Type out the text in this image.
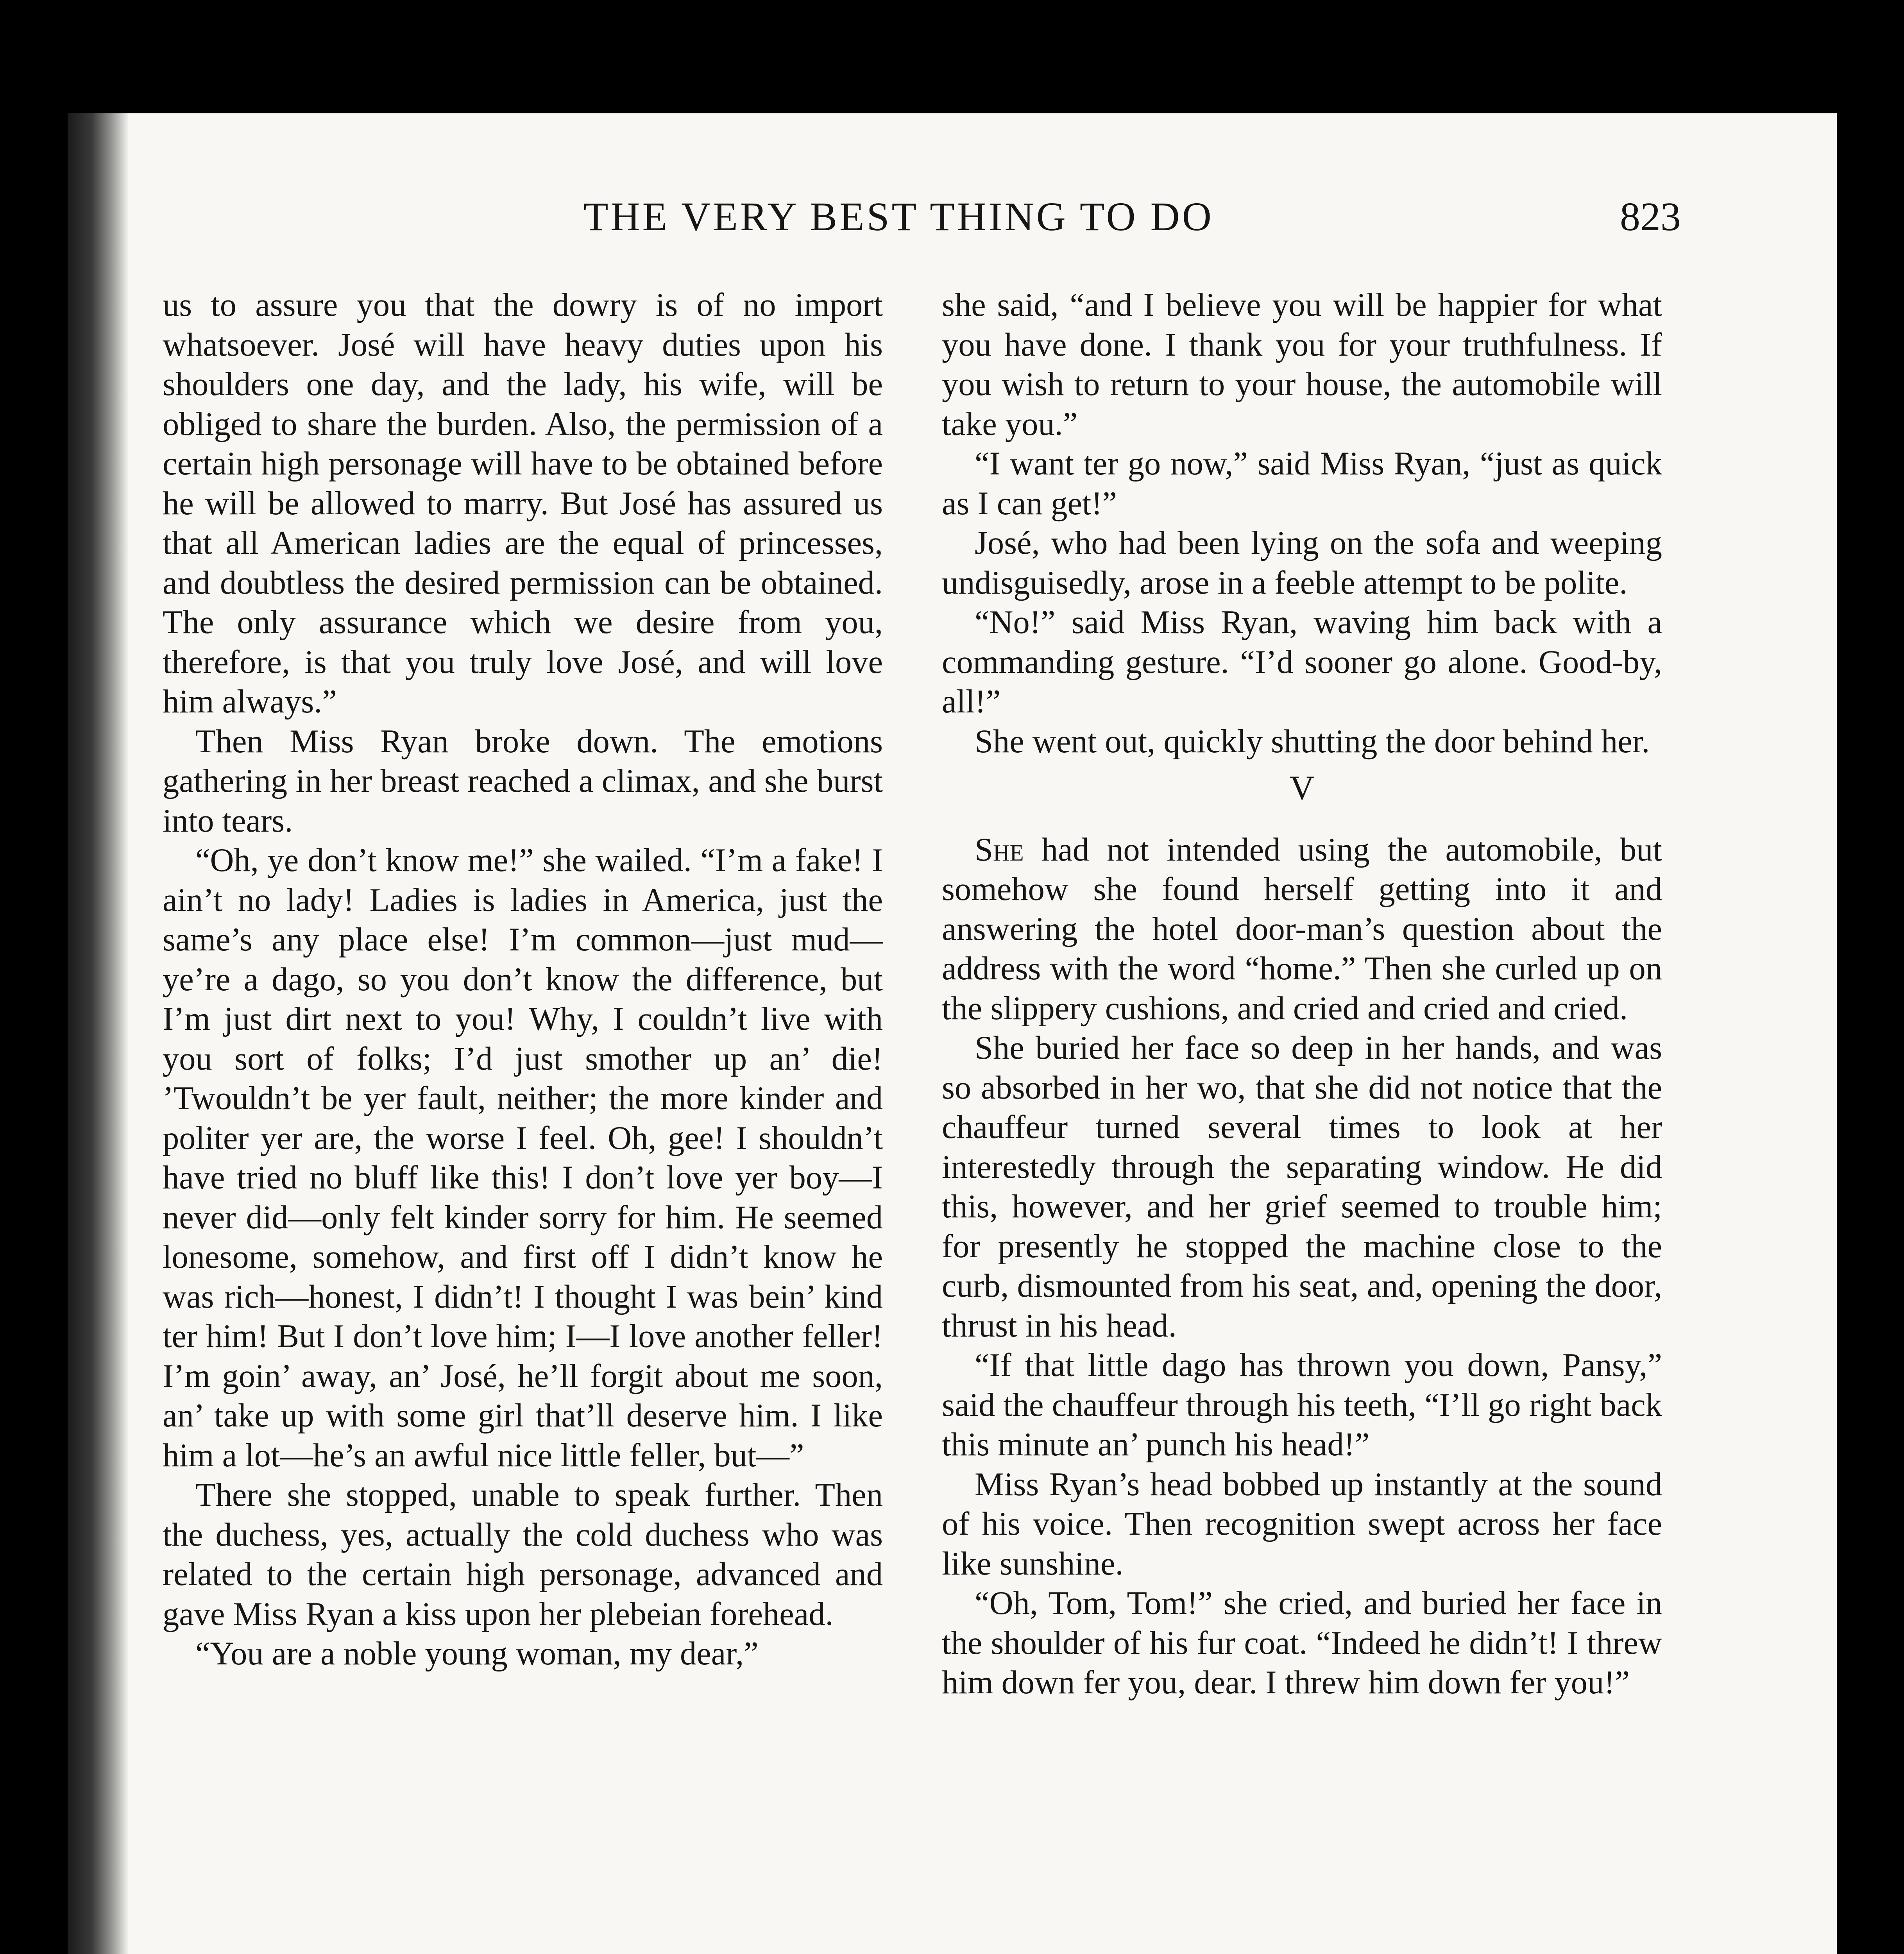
THE VERY BEST THING TO DO	823

us to assure you that the dowry is of no import whatsoever. José will have heavy duties upon his shoulders one day, and the lady, his wife, will be obliged to share the burden. Also, the permission of a certain high personage will have to be obtained before he will be allowed to marry. But José has assured us that all American ladies are the equal of princesses, and doubtless the desired permission can be obtained. The only assurance which we desire from you, therefore, is that you truly love José, and will love him always.”

Then Miss Ryan broke down. The emotions gathering in her breast reached a climax, and she burst into tears.

“Oh, ye don’t know me!” she wailed. “I’m a fake! I ain’t no lady! Ladies is ladies in America, just the same’s any place else! I’m common—just mud—ye’re a dago, so you don’t know the difference, but I’m just dirt next to you! Why, I couldn’t live with you sort of folks; I’d just smother up an’ die! ’Twouldn’t be yer fault, neither; the more kinder and politer yer are, the worse I feel. Oh, gee! I shouldn’t have tried no bluff like this! I don’t love yer boy—I never did—only felt kinder sorry for him. He seemed lonesome, somehow, and first off I didn’t know he was rich—honest, I didn’t! I thought I was bein’ kind ter him! But I don’t love him; I—I love another feller! I’m goin’ away, an’ José, he’ll forgit about me soon, an’ take up with some girl that’ll deserve him. I like him a lot—he’s an awful nice little feller, but—”

There she stopped, unable to speak further. Then the duchess, yes, actually the cold duchess who was related to the certain high personage, advanced and gave Miss Ryan a kiss upon her plebeian forehead.

“You are a noble young woman, my dear,”

she said, “and I believe you will be happier for what you have done. I thank you for your truthfulness. If you wish to return to your house, the automobile will take you.”

“I want ter go now,” said Miss Ryan, “just as quick as I can get!”

José, who had been lying on the sofa and weeping undisguisedly, arose in a feeble attempt to be polite.

“No!” said Miss Ryan, waving him back with a commanding gesture. “I’d sooner go alone. Good-by, all!”

She went out, quickly shutting the door behind her.

V

She had not intended using the automobile, but somehow she found herself getting into it and answering the hotel door-man’s question about the address with the word “home.” Then she curled up on the slippery cushions, and cried and cried and cried.

She buried her face so deep in her hands, and was so absorbed in her wo, that she did not notice that the chauffeur turned several times to look at her interestedly through the separating window. He did this, however, and her grief seemed to trouble him; for presently he stopped the machine close to the curb, dismounted from his seat, and, opening the door, thrust in his head.

“If that little dago has thrown you down, Pansy,” said the chauffeur through his teeth, “I’ll go right back this minute an’ punch his head!”

Miss Ryan’s head bobbed up instantly at the sound of his voice. Then recognition swept across her face like sunshine.

“Oh, Tom, Tom!” she cried, and buried her face in the shoulder of his fur coat. “Indeed he didn’t! I threw him down fer you, dear. I threw him down fer you!”
